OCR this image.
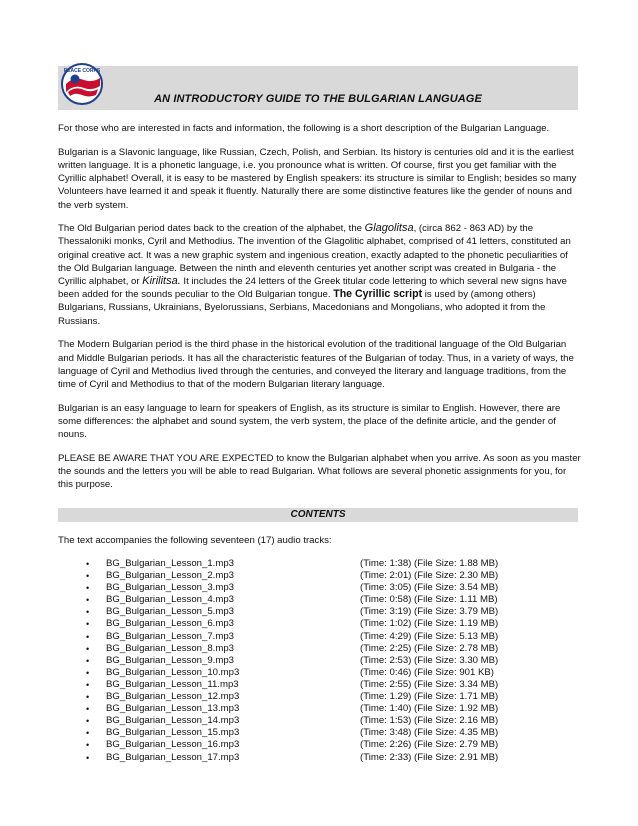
PEACE CORPS
AN INTRODUCTORY GUIDE TO THE BULGARIAN LANGUAGE

For those who are interested in facts and information, the following is a short description of the Bulgarian Language.

Bulgarian is a Slavonic language, like Russian, Czech, Polish, and Serbian. Its history is centuries old and it is the earliest written language. It is a phonetic language, i.e. you pronounce what is written. Of course, first you get familiar with the Cyrillic alphabet! Overall, it is easy to be mastered by English speakers: its structure is similar to English; besides so many Volunteers have learned it and speak it fluently. Naturally there are some distinctive features like the gender of nouns and the verb system.

The Old Bulgarian period dates back to the creation of the alphabet, the Glagolitsa, (circa 862 - 863 AD) by the Thessaloniki monks, Cyril and Methodius. The invention of the Glagolitic alphabet, comprised of 41 letters, constituted an original creative act. It was a new graphic system and ingenious creation, exactly adapted to the phonetic peculiarities of the Old Bulgarian language. Between the ninth and eleventh centuries yet another script was created in Bulgaria - the Cyrillic alphabet, or Kirilitsa. It includes the 24 letters of the Greek titular code lettering to which several new signs have been added for the sounds peculiar to the Old Bulgarian tongue. The Cyrillic script is used by (among others) Bulgarians, Russians, Ukrainians, Byelorussians, Serbians, Macedonians and Mongolians, who adopted it from the Russians.

The Modern Bulgarian period is the third phase in the historical evolution of the traditional language of the Old Bulgarian and Middle Bulgarian periods. It has all the characteristic features of the Bulgarian of today. Thus, in a variety of ways, the language of Cyril and Methodius lived through the centuries, and conveyed the literary and language traditions, from the time of Cyril and Methodius to that of the modern Bulgarian literary language.

Bulgarian is an easy language to learn for speakers of English, as its structure is similar to English. However, there are some differences: the alphabet and sound system, the verb system, the place of the definite article, and the gender of nouns.

PLEASE BE AWARE THAT YOU ARE EXPECTED to know the Bulgarian alphabet when you arrive. As soon as you master the sounds and the letters you will be able to read Bulgarian. What follows are several phonetic assignments for you, for this purpose.

CONTENTS
The text accompanies the following seventeen (17) audio tracks:
• BG_Bulgarian_Lesson_1.mp3	(Time: 1:38) (File Size: 1.88 MB)
• BG_Bulgarian_Lesson_2.mp3	(Time: 2:01) (File Size: 2.30 MB)
• BG_Bulgarian_Lesson_3.mp3	(Time: 3:05) (File Size: 3.54 MB)
• BG_Bulgarian_Lesson_4.mp3	(Time: 0:58) (File Size: 1.11 MB)
• BG_Bulgarian_Lesson_5.mp3	(Time: 3:19) (File Size: 3.79 MB)
• BG_Bulgarian_Lesson_6.mp3	(Time: 1:02) (File Size: 1.19 MB)
• BG_Bulgarian_Lesson_7.mp3	(Time: 4:29) (File Size: 5.13 MB)
• BG_Bulgarian_Lesson_8.mp3	(Time: 2:25) (File Size: 2.78 MB)
• BG_Bulgarian_Lesson_9.mp3	(Time: 2:53) (File Size: 3.30 MB)
• BG_Bulgarian_Lesson_10.mp3	(Time: 0:46) (File Size: 901 KB)
• BG_Bulgarian_Lesson_11.mp3	(Time: 2:55) (File Size: 3.34 MB)
• BG_Bulgarian_Lesson_12.mp3	(Time: 1.29) (File Size: 1.71 MB)
• BG_Bulgarian_Lesson_13.mp3	(Time: 1:40) (File Size: 1.92 MB)
• BG_Bulgarian_Lesson_14.mp3	(Time: 1:53) (File Size: 2.16 MB)
• BG_Bulgarian_Lesson_15.mp3	(Time: 3:48) (File Size: 4.35 MB)
• BG_Bulgarian_Lesson_16.mp3	(Time: 2:26) (File Size: 2.79 MB)
• BG_Bulgarian_Lesson_17.mp3	(Time: 2:33) (File Size: 2.91 MB)
